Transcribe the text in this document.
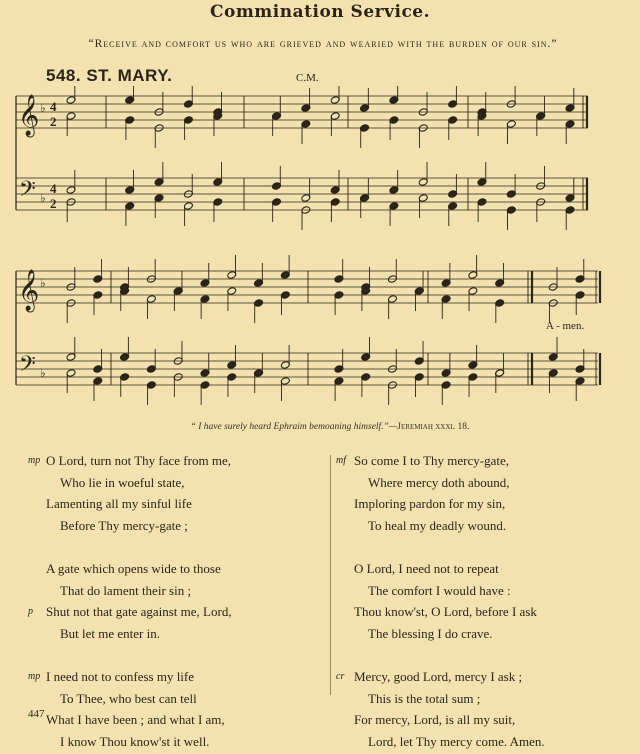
Commination Service.
“Receive and comfort us who are grieved and wearied with the burden of our sin.”
548. ST. MARY.	C.M.
𝄞
𝄢
♭
♭
4
2
4
2
𝄞
𝄢
♭
♭
A - men.
“ I have surely heard Ephraim bemoaning himself.”—Jeremiah xxxi. 18.
mp O Lord, turn not Thy face from me,
Who lie in woeful state,
Lamenting all my sinful life
Before Thy mercy-gate ;
A gate which opens wide to those
That do lament their sin ;
p Shut not that gate against me, Lord,
But let me enter in.
mp I need not to confess my life
To Thee, who best can tell
What I have been ; and what I am,
I know Thou know'st it well.
mf So come I to Thy mercy-gate,
Where mercy doth abound,
Imploring pardon for my sin,
To heal my deadly wound.
O Lord, I need not to repeat
The comfort I would have :
Thou know'st, O Lord, before I ask
The blessing I do crave.
cr Mercy, good Lord, mercy I ask ;
This is the total sum ;
For mercy, Lord, is all my suit,
Lord, let Thy mercy come. Amen.
447
